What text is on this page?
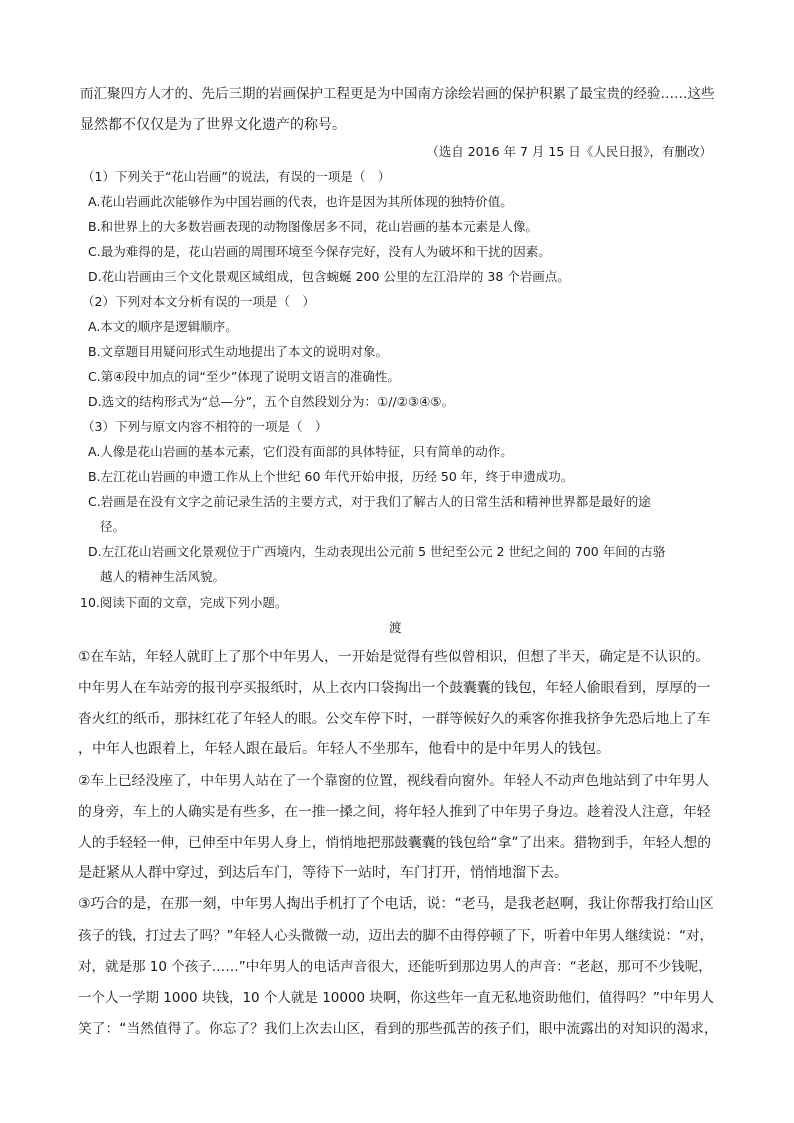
而汇聚四方人才的、先后三期的岩画保护工程更是为中国南方涂绘岩画的保护积累了最宝贵的经验……这些
显然都不仅仅是为了世界文化遗产的称号。
（选自 2016 年 7 月 15 日《人民日报》，有删改）
（1）下列关于“花山岩画”的说法，有误的一项是（　）
A.花山岩画此次能够作为中国岩画的代表，也许是因为其所体现的独特价值。
B.和世界上的大多数岩画表现的动物图像居多不同，花山岩画的基本元素是人像。
C.最为难得的是，花山岩画的周围环境至今保存完好，没有人为破坏和干扰的因素。
D.花山岩画由三个文化景观区域组成，包含蜿蜒 200 公里的左江沿岸的 38 个岩画点。
（2）下列对本文分析有误的一项是（　）
A.本文的顺序是逻辑顺序。
B.文章题目用疑问形式生动地提出了本文的说明对象。
C.第④段中加点的词“至少”体现了说明文语言的准确性。
D.选文的结构形式为“总—分”，五个自然段划分为：①//②③④⑤。
（3）下列与原文内容不相符的一项是（　）
A.人像是花山岩画的基本元素，它们没有面部的具体特征，只有简单的动作。
B.左江花山岩画的申遗工作从上个世纪 60 年代开始申报，历经 50 年，终于申遗成功。
C.岩画是在没有文字之前记录生活的主要方式，对于我们了解古人的日常生活和精神世界都是最好的途
径。
D.左江花山岩画文化景观位于广西境内，生动表现出公元前 5 世纪至公元 2 世纪之间的 700 年间的古骆
越人的精神生活风貌。
10.阅读下面的文章，完成下列小题。
渡
①在车站，年轻人就盯上了那个中年男人，一开始是觉得有些似曾相识，但想了半天，确定是不认识的。
中年男人在车站旁的报刊亭买报纸时，从上衣内口袋掏出一个鼓囊囊的钱包，年轻人偷眼看到，厚厚的一
沓火红的纸币，那抹红花了年轻人的眼。公交车停下时，一群等候好久的乘客你推我挤争先恐后地上了车
，中年人也跟着上，年轻人跟在最后。年轻人不坐那车，他看中的是中年男人的钱包。
②车上已经没座了，中年男人站在了一个靠窗的位置，视线看向窗外。年轻人不动声色地站到了中年男人
的身旁，车上的人确实是有些多，在一推一搡之间，将年轻人推到了中年男子身边。趁着没人注意，年轻
人的手轻轻一伸，已伸至中年男人身上，悄悄地把那鼓囊囊的钱包给“拿”了出来。猎物到手，年轻人想的
是赶紧从人群中穿过，到达后车门，等待下一站时，车门打开，悄悄地溜下去。
③巧合的是，在那一刻，中年男人掏出手机打了个电话，说：“老马，是我老赵啊，我让你帮我打给山区
孩子的钱，打过去了吗？”年轻人心头微微一动，迈出去的脚不由得停顿了下，听着中年男人继续说：“对，
对，就是那 10 个孩子……”中年男人的电话声音很大，还能听到那边男人的声音：“老赵，那可不少钱呢，
一个人一学期 1000 块钱，10 个人就是 10000 块啊，你这些年一直无私地资助他们，值得吗？”中年男人
笑了：“当然值得了。你忘了？我们上次去山区，看到的那些孤苦的孩子们，眼中流露出的对知识的渴求，
